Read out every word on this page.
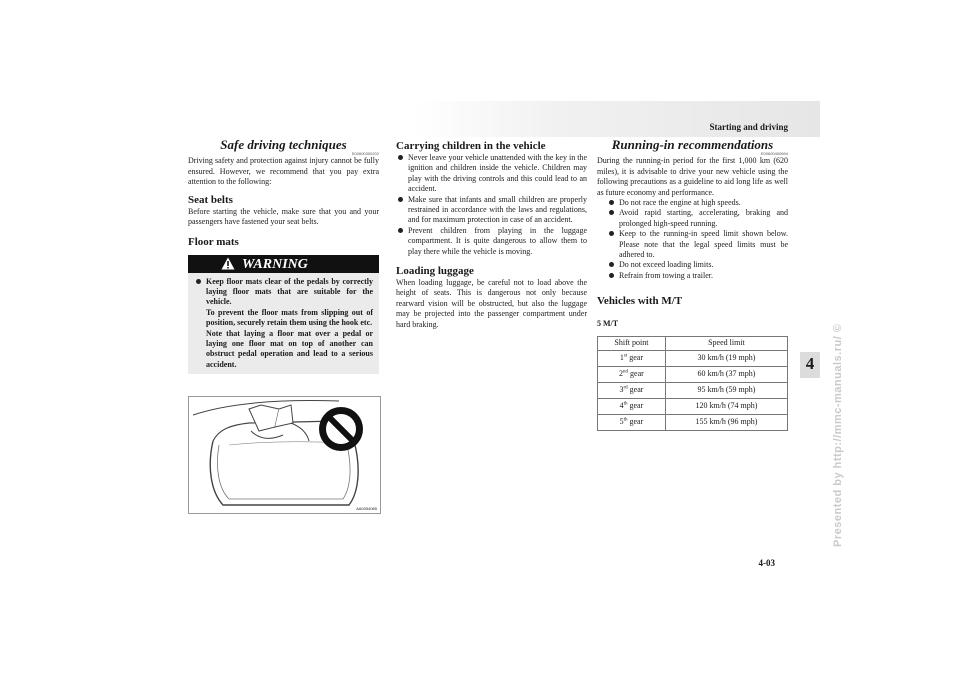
Starting and driving
4	Presented by http://mmc-manuals.ru/ ©
4-03
Safe driving techniques
E00600300202

Driving safety and protection against injury cannot be fully ensured. However, we recommend that you pay extra attention to the following:

Seat belts

Before starting the vehicle, make sure that you and your passengers have fastened your seat belts.

Floor mats
WARNING
Keep floor mats clear of the pedals by correctly laying floor mats that are suitable for the vehicle.
To prevent the floor mats from slipping out of position, securely retain them using the hook etc.
Note that laying a floor mat over a pedal or laying one floor mat on top of another can obstruct pedal operation and lead to a serious accident.
AA0054085
Carrying children in the vehicle
Never leave your vehicle unattended with the key in the ignition and children inside the vehicle. Children may play with the driving controls and this could lead to an accident.
Make sure that infants and small children are properly restrained in accordance with the laws and regulations, and for maximum protection in case of an accident.
Prevent children from playing in the luggage compartment. It is quite dangerous to allow them to play there while the vehicle is moving.
Loading luggage

When loading luggage, be careful not to load above the height of seats. This is dangerous not only because rearward vision will be obstructed, but also the luggage may be projected into the passenger compartment under hard braking.

Running-in recommendations
E00600400694

During the running-in period for the first 1,000 km (620 miles), it is advisable to drive your new vehicle using the following precautions as a guideline to aid long life as well as future economy and performance.

Do not race the engine at high speeds.
Avoid rapid starting, accelerating, braking and prolonged high-speed running.
Keep to the running-in speed limit shown below. Please note that the legal speed limits must be adhered to.
Do not exceed loading limits.
Refrain from towing a trailer.
Vehicles with M/T
5 M/T
Shift point	Speed limit
1st gear	30 km/h (19 mph)
2nd gear	60 km/h (37 mph)
3rd gear	95 km/h (59 mph)
4th gear	120 km/h (74 mph)
5th gear	155 km/h (96 mph)
